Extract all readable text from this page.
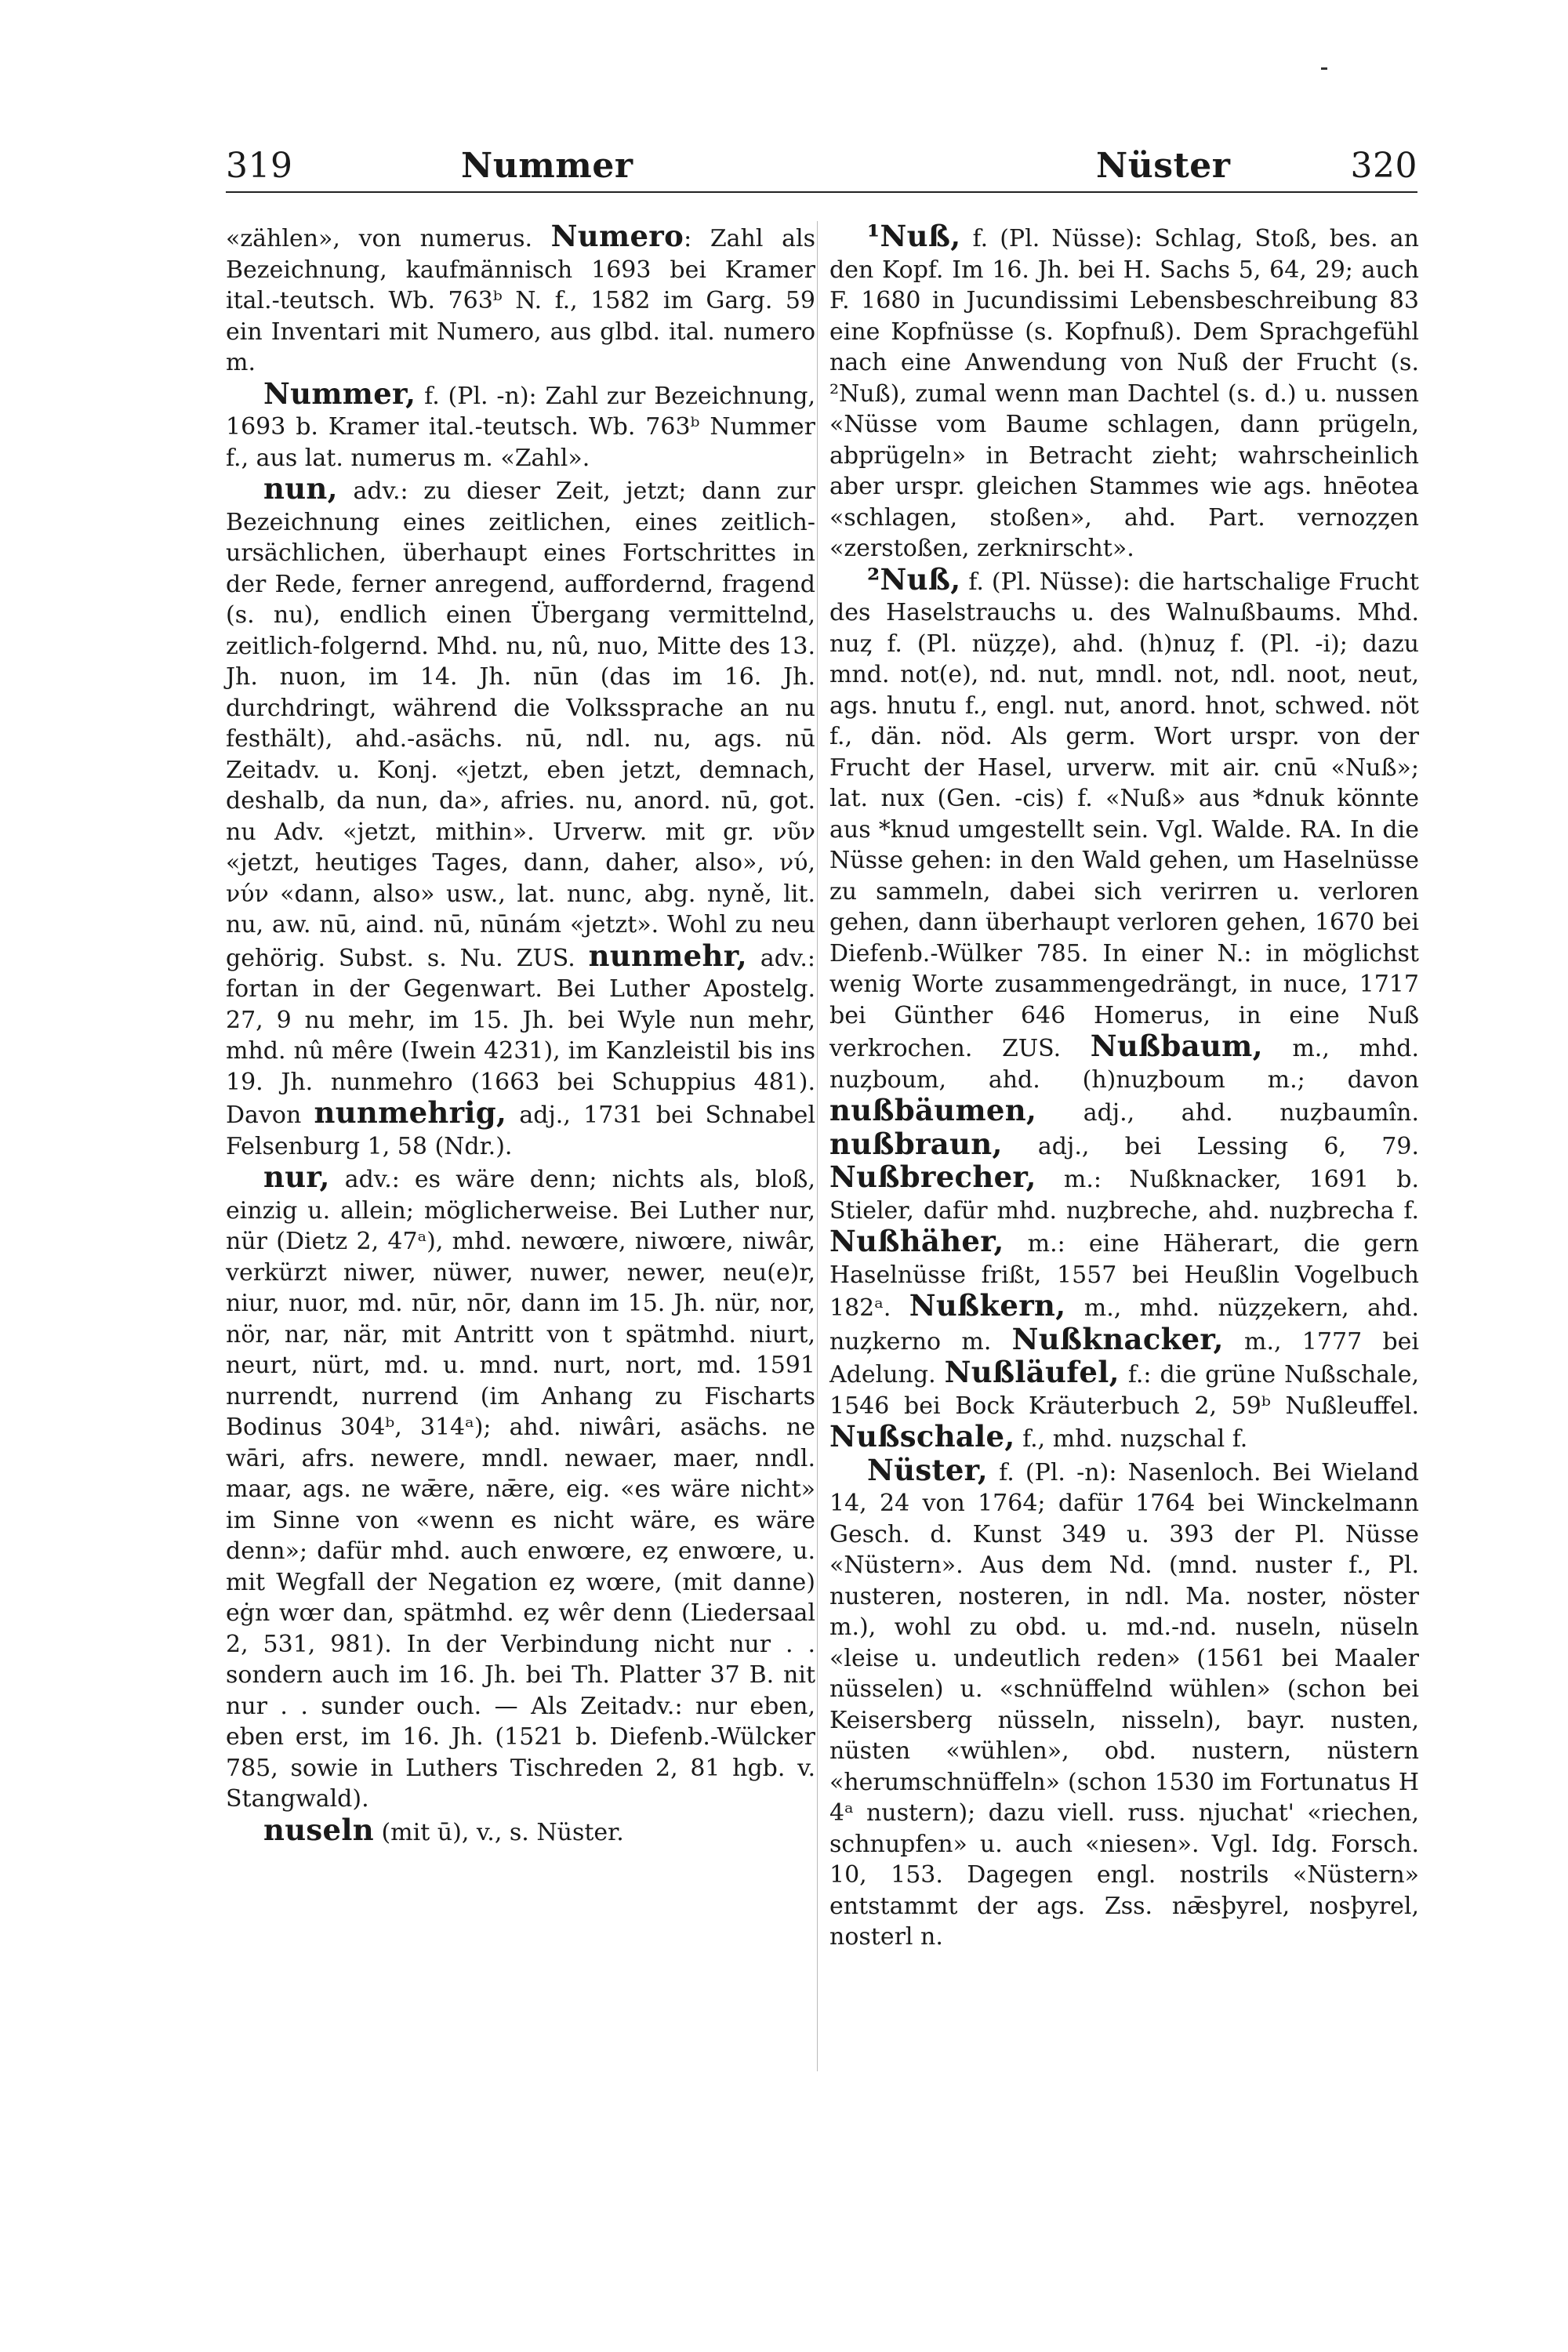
319	Nummer	Nüster	320

«zählen», von numerus. Numero: Zahl als Bezeichnung, kaufmännisch 1693 bei Kramer ital.-teutsch. Wb. 763ᵇ N. f., 1582 im Garg. 59 ein Inventari mit Numero, aus glbd. ital. numero m.

Nummer, f. (Pl. -n): Zahl zur Bezeichnung, 1693 b. Kramer ital.-teutsch. Wb. 763ᵇ Nummer f., aus lat. numerus m. «Zahl».

nun, adv.: zu dieser Zeit, jetzt; dann zur Bezeichnung eines zeitlichen, eines zeitlich-ursächlichen, überhaupt eines Fortschrittes in der Rede, ferner anregend, auffordernd, fragend (s. nu), endlich einen Übergang vermittelnd, zeitlich-folgernd. Mhd. nu, nû, nuo, Mitte des 13. Jh. nuon, im 14. Jh. nūn (das im 16. Jh. durchdringt, während die Volkssprache an nu festhält), ahd.-asächs. nū, ndl. nu, ags. nū Zeitadv. u. Konj. «jetzt, eben jetzt, demnach, deshalb, da nun, da», afries. nu, anord. nū, got. nu Adv. «jetzt, mithin». Urverw. mit gr. νῦν «jetzt, heutiges Tages, dann, daher, also», νύ, νύν «dann, also» usw., lat. nunc, abg. nyně, lit. nu, aw. nū, aind. nū, nūnám «jetzt». Wohl zu neu gehörig. Subst. s. Nu. ZUS. nunmehr, adv.: fortan in der Gegenwart. Bei Luther Apostelg. 27, 9 nu mehr, im 15. Jh. bei Wyle nun mehr, mhd. nû mêre (Iwein 4231), im Kanzleistil bis ins 19. Jh. nunmehro (1663 bei Schuppius 481). Davon nunmehrig, adj., 1731 bei Schnabel Felsenburg 1, 58 (Ndr.).

nur, adv.: es wäre denn; nichts als, bloß, einzig u. allein; möglicherweise. Bei Luther nur, nür (Dietz 2, 47ᵃ), mhd. newœre, niwœre, niwâr, verkürzt niwer, nüwer, nuwer, newer, neu(e)r, niur, nuor, md. nūr, nōr, dann im 15. Jh. nür, nor, nör, nar, när, mit Antritt von t spätmhd. niurt, neurt, nürt, md. u. mnd. nurt, nort, md. 1591 nurrendt, nurrend (im Anhang zu Fischarts Bodinus 304ᵇ, 314ᵃ); ahd. niwâri, asächs. ne wāri, afrs. newere, mndl. newaer, maer, nndl. maar, ags. ne wǣre, nǣre, eig. «es wäre nicht» im Sinne von «wenn es nicht wäre, es wäre denn»; dafür mhd. auch enwœre, eȥ enwœre, u. mit Wegfall der Negation eȥ wœre, (mit danne) eġn wœr dan, spätmhd. eȥ wêr denn (Liedersaal 2, 531, 981). In der Verbindung nicht nur . . sondern auch im 16. Jh. bei Th. Platter 37 B. nit nur . . sunder ouch. — Als Zeitadv.: nur eben, eben erst, im 16. Jh. (1521 b. Diefenb.-Wülcker 785, sowie in Luthers Tischreden 2, 81 hgb. v. Stangwald).

nuseln (mit ū), v., s. Nüster.

¹Nuß, f. (Pl. Nüsse): Schlag, Stoß, bes. an den Kopf. Im 16. Jh. bei H. Sachs 5, 64, 29; auch F. 1680 in Jucundissimi Lebensbeschreibung 83 eine Kopfnüsse (s. Kopfnuß). Dem Sprachgefühl nach eine Anwendung von Nuß der Frucht (s. ²Nuß), zumal wenn man Dachtel (s. d.) u. nussen «Nüsse vom Baume schlagen, dann prügeln, abprügeln» in Betracht zieht; wahrscheinlich aber urspr. gleichen Stammes wie ags. hnēotea «schlagen, stoßen», ahd. Part. vernoȥȥen «zerstoßen, zerknirscht».

²Nuß, f. (Pl. Nüsse): die hartschalige Frucht des Haselstrauchs u. des Walnußbaums. Mhd. nuȥ f. (Pl. nüȥȥe), ahd. (h)nuȥ f. (Pl. -i); dazu mnd. not(e), nd. nut, mndl. not, ndl. noot, neut, ags. hnutu f., engl. nut, anord. hnot, schwed. nöt f., dän. nöd. Als germ. Wort urspr. von der Frucht der Hasel, urverw. mit air. cnū «Nuß»; lat. nux (Gen. -cis) f. «Nuß» aus *dnuk könnte aus *knud umgestellt sein. Vgl. Walde. RA. In die Nüsse gehen: in den Wald gehen, um Haselnüsse zu sammeln, dabei sich verirren u. verloren gehen, dann überhaupt verloren gehen, 1670 bei Diefenb.-Wülker 785. In einer N.: in möglichst wenig Worte zusammengedrängt, in nuce, 1717 bei Günther 646 Homerus, in eine Nuß verkrochen. ZUS. Nußbaum, m., mhd. nuȥboum, ahd. (h)nuȥboum m.; davon nußbäumen, adj., ahd. nuȥbaumîn. nußbraun, adj., bei Lessing 6, 79. Nußbrecher, m.: Nußknacker, 1691 b. Stieler, dafür mhd. nuȥbreche, ahd. nuȥbrecha f. Nußhäher, m.: eine Häherart, die gern Haselnüsse frißt, 1557 bei Heußlin Vogelbuch 182ᵃ. Nußkern, m., mhd. nüȥȥekern, ahd. nuȥkerno m. Nußknacker, m., 1777 bei Adelung. Nußläufel, f.: die grüne Nußschale, 1546 bei Bock Kräuterbuch 2, 59ᵇ Nußleuffel. Nußschale, f., mhd. nuȥschal f.

Nüster, f. (Pl. -n): Nasenloch. Bei Wieland 14, 24 von 1764; dafür 1764 bei Winckelmann Gesch. d. Kunst 349 u. 393 der Pl. Nüsse «Nüstern». Aus dem Nd. (mnd. nuster f., Pl. nusteren, nosteren, in ndl. Ma. noster, nöster m.), wohl zu obd. u. md.-nd. nuseln, nüseln «leise u. undeutlich reden» (1561 bei Maaler nüsselen) u. «schnüffelnd wühlen» (schon bei Keisersberg nüsseln, nisseln), bayr. nusten, nüsten «wühlen», obd. nustern, nüstern «herumschnüffeln» (schon 1530 im Fortunatus H 4ᵃ nustern); dazu viell. russ. njuchat' «riechen, schnupfen» u. auch «niesen». Vgl. Idg. Forsch. 10, 153. Dagegen engl. nostrils «Nüstern» entstammt der ags. Zss. nǣsþyrel, nosþyrel, nosterl n.
